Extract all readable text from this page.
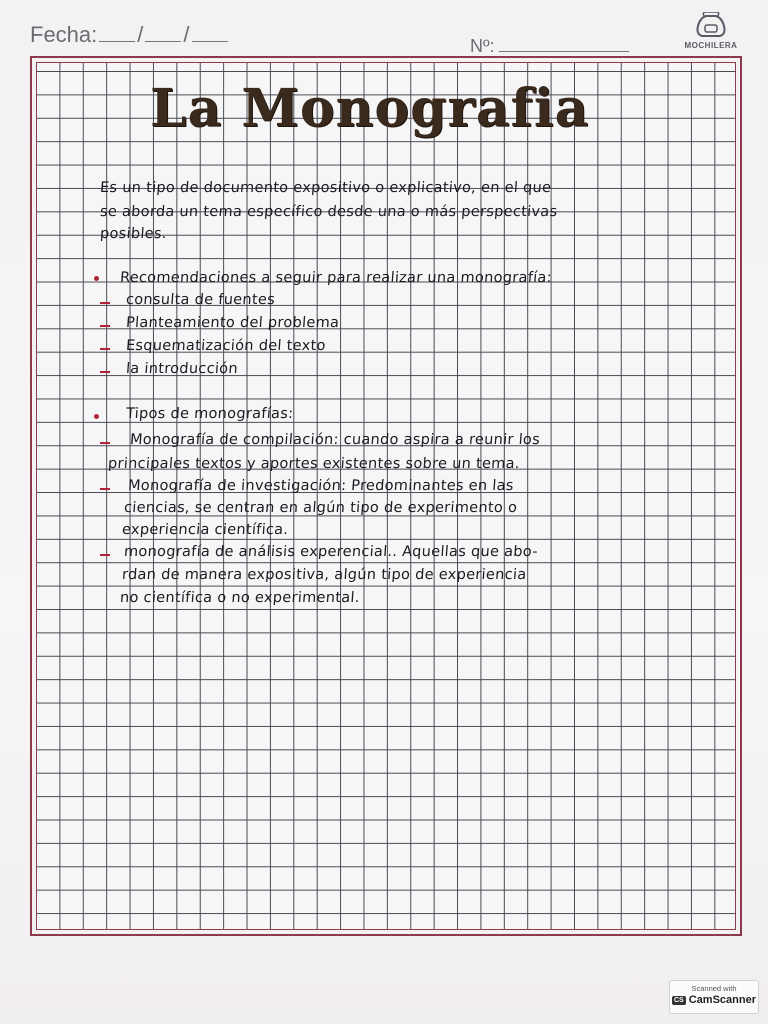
Fecha: / /	Nº:	MOCHILERA
La Monografia
Es un tipo de documento expositivo o explicativo, en el que
se aborda un tema específico desde una o más perspectivas
posibles.
Recomendaciones a seguir para realizar una monografía:
consulta de fuentes
Planteamiento del problema
Esquematización del texto
la introducción
Tipos de monografías:
Monografía de compilación: cuando aspira a reunir los
principales textos y aportes existentes sobre un tema.
Monografía de investigación: Predominantes en las
ciencias, se centran en algún tipo de experimento o
experiencia científica.
monografía de análisis experencial.. Aquellas que abo-
rdan de manera expositiva, algún tipo de experiencia
no científica o no experimental.
Scanned with
CS CamScanner
